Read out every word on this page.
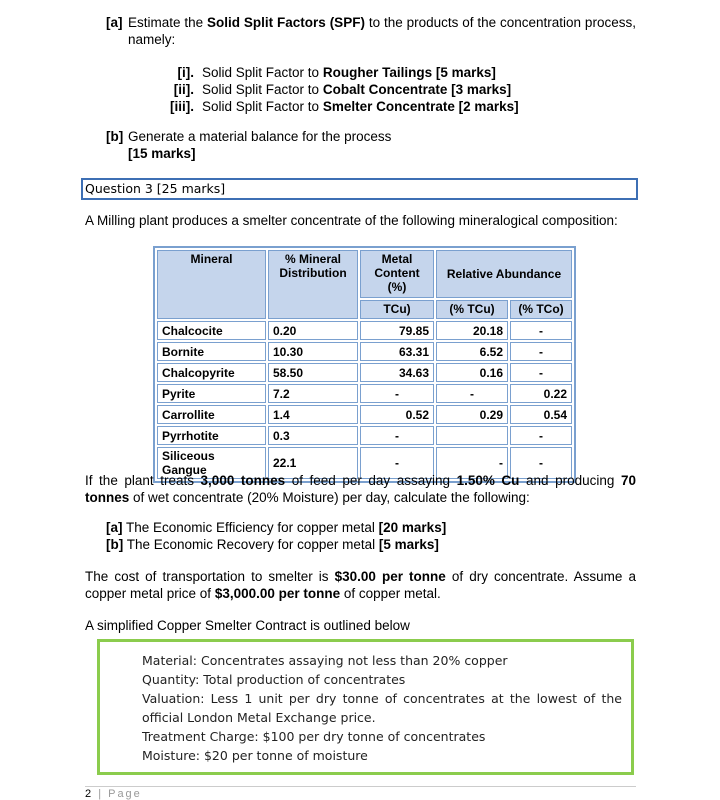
[a] Estimate the Solid Split Factors (SPF) to the products of the concentration process, namely:
[i]. Solid Split Factor to Rougher Tailings [5 marks]
[ii]. Solid Split Factor to Cobalt Concentrate [3 marks]
[iii]. Solid Split Factor to Smelter Concentrate [2 marks]
[b] Generate a material balance for the process
[15 marks]
Question 3 [25 marks]
A Milling plant produces a smelter concentrate of the following mineralogical composition:
Mineral	% Mineral Distribution	Metal Content (%)	Relative Abundance	
		TCu)	(% TCu)	(% TCo)
Chalcocite	0.20	79.85	20.18	-
Bornite	10.30	63.31	6.52	-
Chalcopyrite	58.50	34.63	0.16	-
Pyrite	7.2	-	-	0.22
Carrollite	1.4	0.52	0.29	0.54
Pyrrhotite	0.3	-		-
Siliceous Gangue	22.1	-	-	-
If the plant treats 3,000 tonnes of feed per day assaying 1.50% Cu and producing 70 tonnes of wet concentrate (20% Moisture) per day, calculate the following:
[a] The Economic Efficiency for copper metal [20 marks]
[b] The Economic Recovery for copper metal [5 marks]
The cost of transportation to smelter is $30.00 per tonne of dry concentrate. Assume a copper metal price of $3,000.00 per tonne of copper metal.
A simplified Copper Smelter Contract is outlined below
Material: Concentrates assaying not less than 20% copper
Quantity: Total production of concentrates
Valuation: Less 1 unit per dry tonne of concentrates at the lowest of the official London Metal Exchange price.
Treatment Charge: $100 per dry tonne of concentrates
Moisture: $20 per tonne of moisture
2 | Page
